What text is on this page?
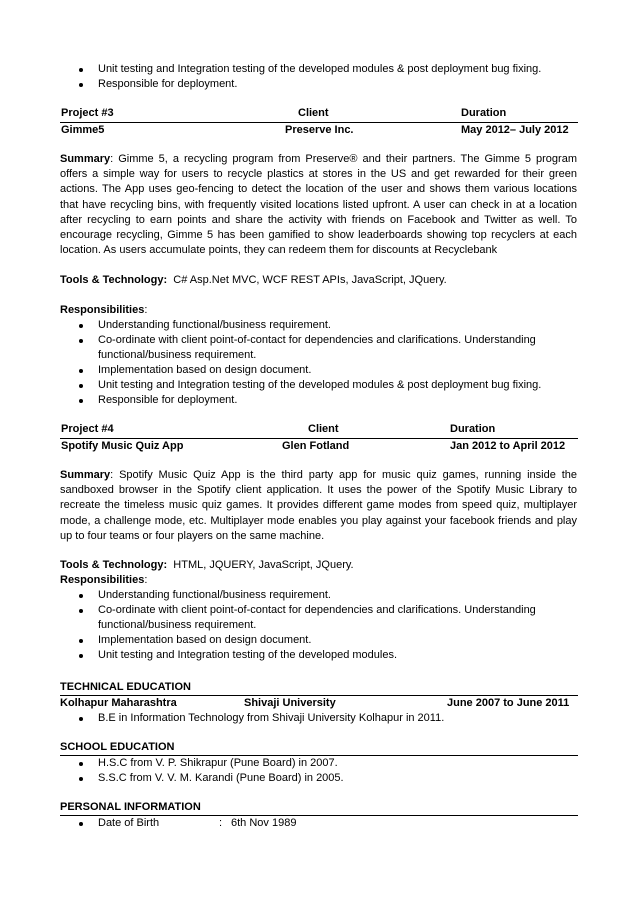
Unit testing and Integration testing of the developed modules & post deployment bug fixing.
Responsible for deployment.
Project #3	Client	Duration
Gimme5	Preserve Inc.	May 2012– July 2012
Summary: Gimme 5, a recycling program from Preserve® and their partners. The Gimme 5 program offers a simple way for users to recycle plastics at stores in the US and get rewarded for their green actions. The App uses geo-fencing to detect the location of the user and shows them various locations that have recycling bins, with frequently visited locations listed upfront. A user can check in at a location after recycling to earn points and share the activity with friends on Facebook and Twitter as well. To encourage recycling, Gimme 5 has been gamified to show leaderboards showing top recyclers at each location. As users accumulate points, they can redeem them for discounts at Recyclebank
Tools & Technology: C# Asp.Net MVC, WCF REST APIs, JavaScript, JQuery.
Responsibilities:
Understanding functional/business requirement.
Co-ordinate with client point-of-contact for dependencies and clarifications. Understanding functional/business requirement.
Implementation based on design document.
Unit testing and Integration testing of the developed modules & post deployment bug fixing.
Responsible for deployment.
Project #4	Client	Duration
Spotify Music Quiz App	Glen Fotland	Jan 2012 to April 2012
Summary: Spotify Music Quiz App is the third party app for music quiz games, running inside the sandboxed browser in the Spotify client application. It uses the power of the Spotify Music Library to recreate the timeless music quiz games. It provides different game modes from speed quiz, multiplayer mode, a challenge mode, etc. Multiplayer mode enables you play against your facebook friends and play up to four teams or four players on the same machine.
Tools & Technology: HTML, JQUERY, JavaScript, JQuery.
Responsibilities:
Understanding functional/business requirement.
Co-ordinate with client point-of-contact for dependencies and clarifications. Understanding functional/business requirement.
Implementation based on design document.
Unit testing and Integration testing of the developed modules.
TECHNICAL EDUCATION
Kolhapur Maharashtra	Shivaji University	June 2007 to June 2011
B.E in Information Technology from Shivaji University Kolhapur in 2011.
SCHOOL EDUCATION
H.S.C from V. P. Shikrapur (Pune Board) in 2007.
S.S.C from V. V. M. Karandi (Pune Board) in 2005.
PERSONAL INFORMATION
Date of Birth	: 6th Nov 1989
